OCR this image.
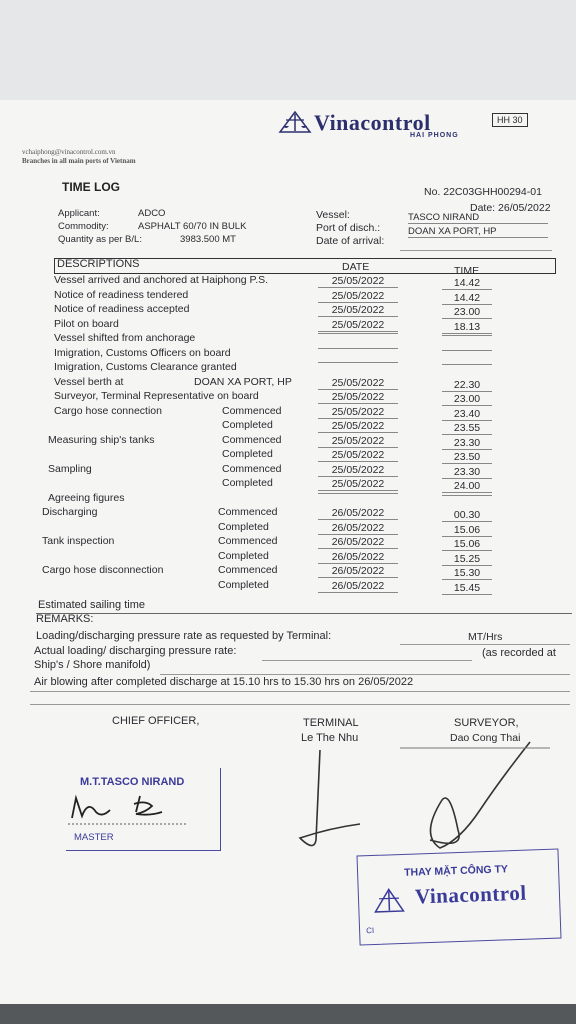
vchaiphong@vinacontrol.com.vn
Branches in all main ports of Vietnam
Vinacontrol
HAI PHONG
HH 30
TIME LOG	No. 22C03GHH00294-01
Date: 26/05/2022
Applicant:	ADCO
Commodity:	ASPHALT 60/70 IN BULK
Quantity as per B/L:	3983.500 MT
Vessel:	TASCO NIRAND
Port of disch.:	DOAN XA PORT, HP
Date of arrival:
DESCRIPTIONS	DATE	TIME
Vessel arrived and anchored at Haiphong P.S.	25/05/2022	14.42
Notice of readiness tendered	25/05/2022	14.42
Notice of readiness accepted	25/05/2022	23.00
Pilot on board	25/05/2022	18.13
Vessel shifted from anchorage
Imigration, Customs Officers on board
Imigration, Customs Clearance granted
Vessel berth at	DOAN XA PORT, HP	25/05/2022	22.30
Surveyor, Terminal Representative on board	25/05/2022	23.00
Cargo hose connection	Commenced	25/05/2022	23.40
Completed	25/05/2022	23.55
Measuring ship's tanks	Commenced	25/05/2022	23.30
Completed	25/05/2022	23.50
Sampling	Commenced	25/05/2022	23.30
Completed	25/05/2022	24.00
Agreeing figures
Discharging	Commenced	26/05/2022	00.30
Completed	26/05/2022	15.06
Tank inspection	Commenced	26/05/2022	15.06
Completed	26/05/2022	15.25
Cargo hose disconnection	Commenced	26/05/2022	15.30
Completed	26/05/2022	15.45
Estimated sailing time
REMARKS:
Loading/discharging pressure rate as requested by Terminal:	MT/Hrs
Actual loading/ discharging pressure rate:	(as recorded at
Ship's / Shore manifold)
Air blowing after completed discharge at 15.10 hrs to 15.30 hrs on 26/05/2022
CHIEF OFFICER,	TERMINAL
Le The Nhu
SURVEYOR,
Dao Cong Thai
M.T.TASCO NIRAND
MASTER
THAY MẶT CÔNG TY
Vinacontrol
CI
